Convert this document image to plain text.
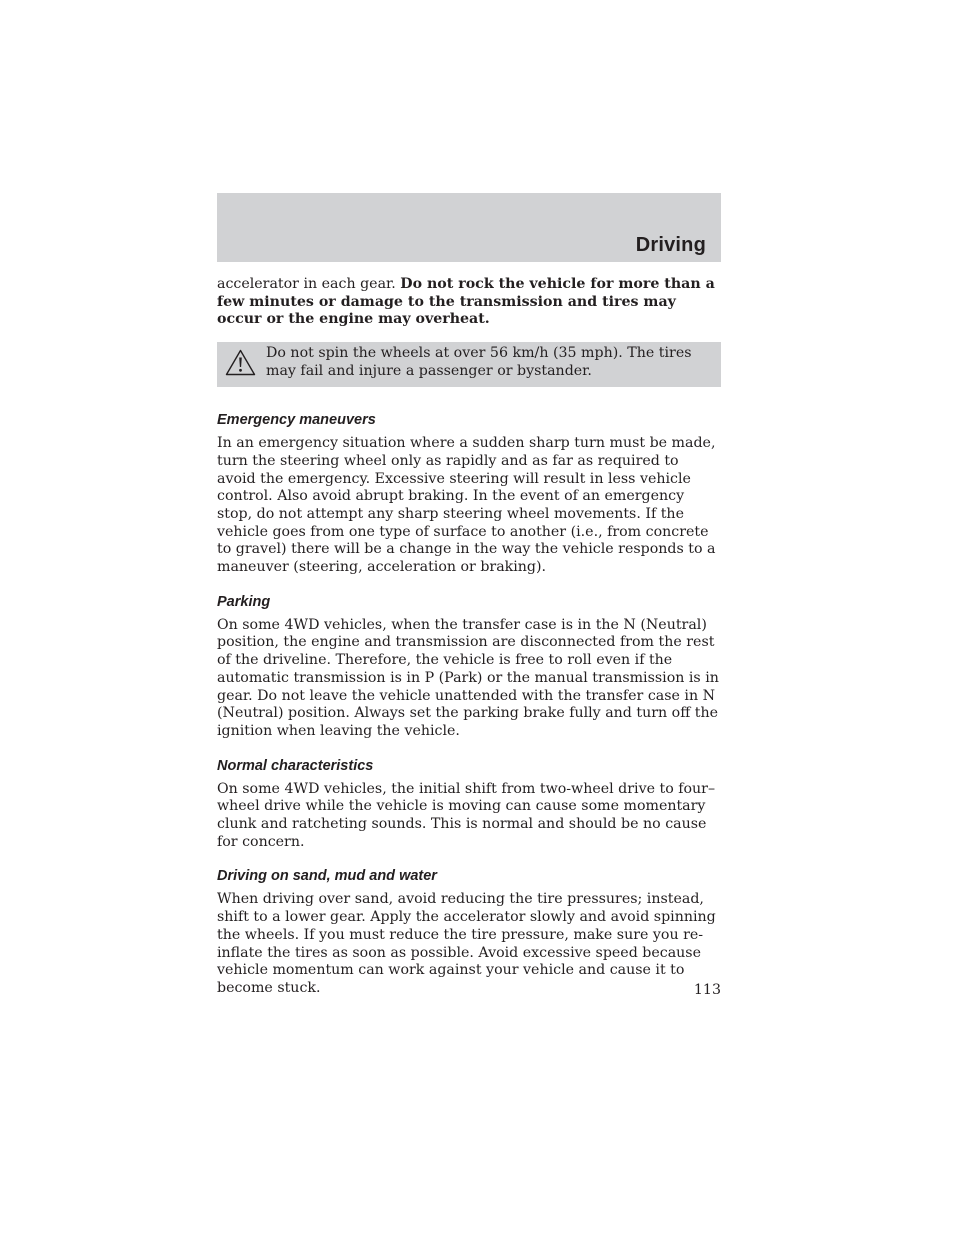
Driving

accelerator in each gear. Do not rock the vehicle for more than a few minutes or damage to the transmission and tires may occur or the engine may overheat.

Do not spin the wheels at over 56 km/h (35 mph). The tires may fail and injure a passenger or bystander.
Emergency maneuvers

In an emergency situation where a sudden sharp turn must be made, turn the steering wheel only as rapidly and as far as required to avoid the emergency. Excessive steering will result in less vehicle control. Also avoid abrupt braking. In the event of an emergency stop, do not attempt any sharp steering wheel movements. If the vehicle goes from one type of surface to another (i.e., from concrete to gravel) there will be a change in the way the vehicle responds to a maneuver (steering, acceleration or braking).

Parking

On some 4WD vehicles, when the transfer case is in the N (Neutral) position, the engine and transmission are disconnected from the rest of the driveline. Therefore, the vehicle is free to roll even if the automatic transmission is in P (Park) or the manual transmission is in gear. Do not leave the vehicle unattended with the transfer case in N (Neutral) position. Always set the parking brake fully and turn off the ignition when leaving the vehicle.

Normal characteristics

On some 4WD vehicles, the initial shift from two-wheel drive to four–wheel drive while the vehicle is moving can cause some momentary clunk and ratcheting sounds. This is normal and should be no cause for concern.

Driving on sand, mud and water

When driving over sand, avoid reducing the tire pressures; instead, shift to a lower gear. Apply the accelerator slowly and avoid spinning the wheels. If you must reduce the tire pressure, make sure you re-inflate the tires as soon as possible. Avoid excessive speed because vehicle momentum can work against your vehicle and cause it to become stuck.	113
